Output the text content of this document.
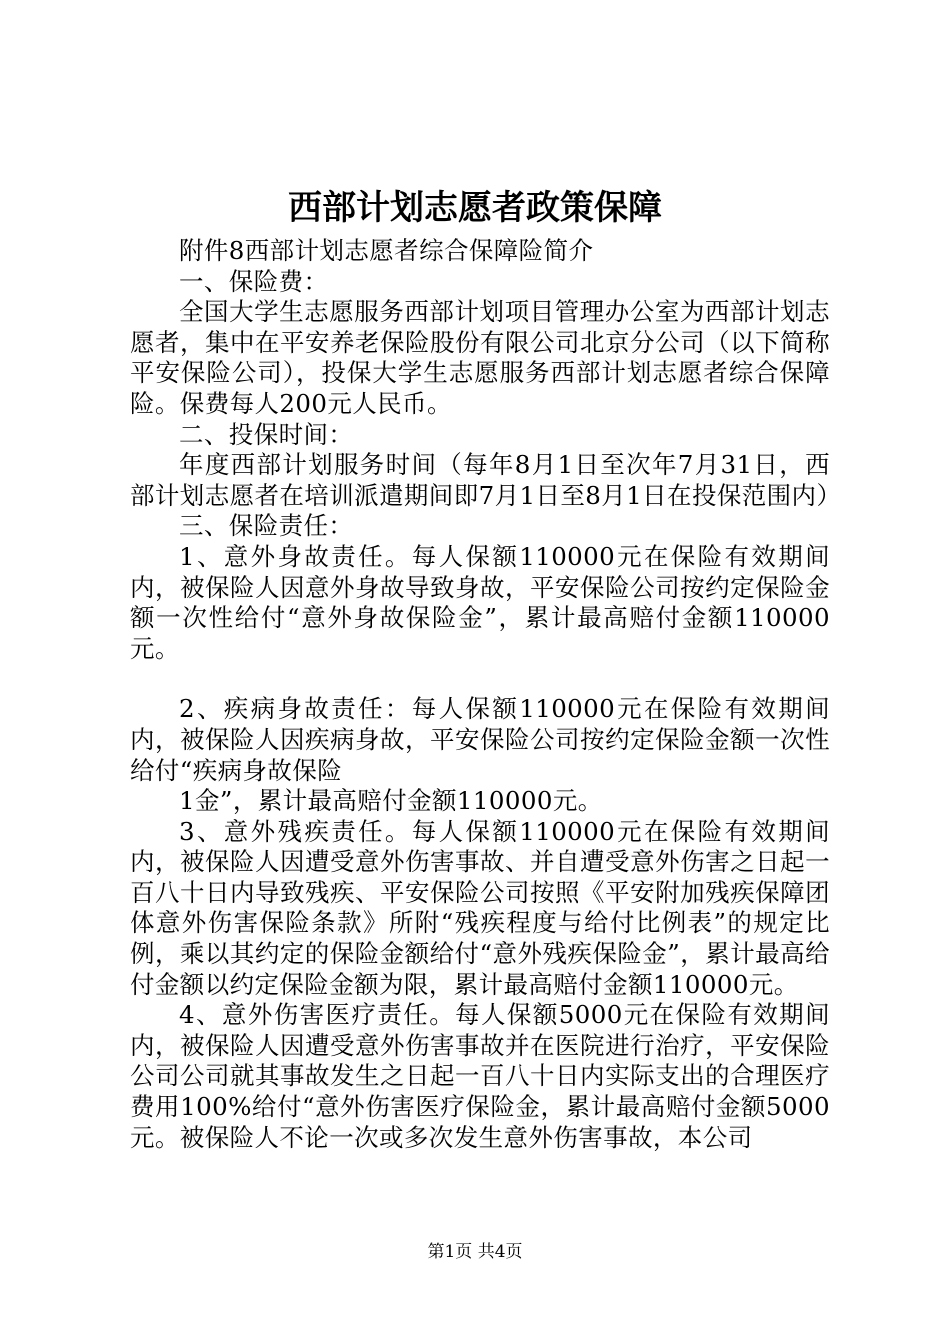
西部计划志愿者政策保障

附件8西部计划志愿者综合保障险简介

一、保险费：

全国大学生志愿服务西部计划项目管理办公室为西部计划志愿者，集中在平安养老保险股份有限公司北京分公司（以下简称平安保险公司），投保大学生志愿服务西部计划志愿者综合保障险。保费每人200元人民币。

二、投保时间：

年度西部计划服务时间（每年8月1日至次年7月31日，西部计划志愿者在培训派遣期间即7月1日至8月1日在投保范围内）

三、保险责任：

1、意外身故责任。每人保额110000元在保险有效期间内，被保险人因意外身故导致身故，平安保险公司按约定保险金额一次性给付“意外身故保险金”，累计最高赔付金额110000元。

2、疾病身故责任：每人保额110000元在保险有效期间内，被保险人因疾病身故，平安保险公司按约定保险金额一次性给付“疾病身故保险

1金”，累计最高赔付金额110000元。

3、意外残疾责任。每人保额110000元在保险有效期间内，被保险人因遭受意外伤害事故、并自遭受意外伤害之日起一百八十日内导致残疾、平安保险公司按照《平安附加残疾保障团体意外伤害保险条款》所附“残疾程度与给付比例表”的规定比例，乘以其约定的保险金额给付“意外残疾保险金”，累计最高给付金额以约定保险金额为限，累计最高赔付金额110000元。

4、意外伤害医疗责任。每人保额5000元在保险有效期间内，被保险人因遭受意外伤害事故并在医院进行治疗，平安保险公司公司就其事故发生之日起一百八十日内实际支出的合理医疗费用100%给付“意外伤害医疗保险金，累计最高赔付金额5000元。被保险人不论一次或多次发生意外伤害事故，本公司

第1页 共4页
